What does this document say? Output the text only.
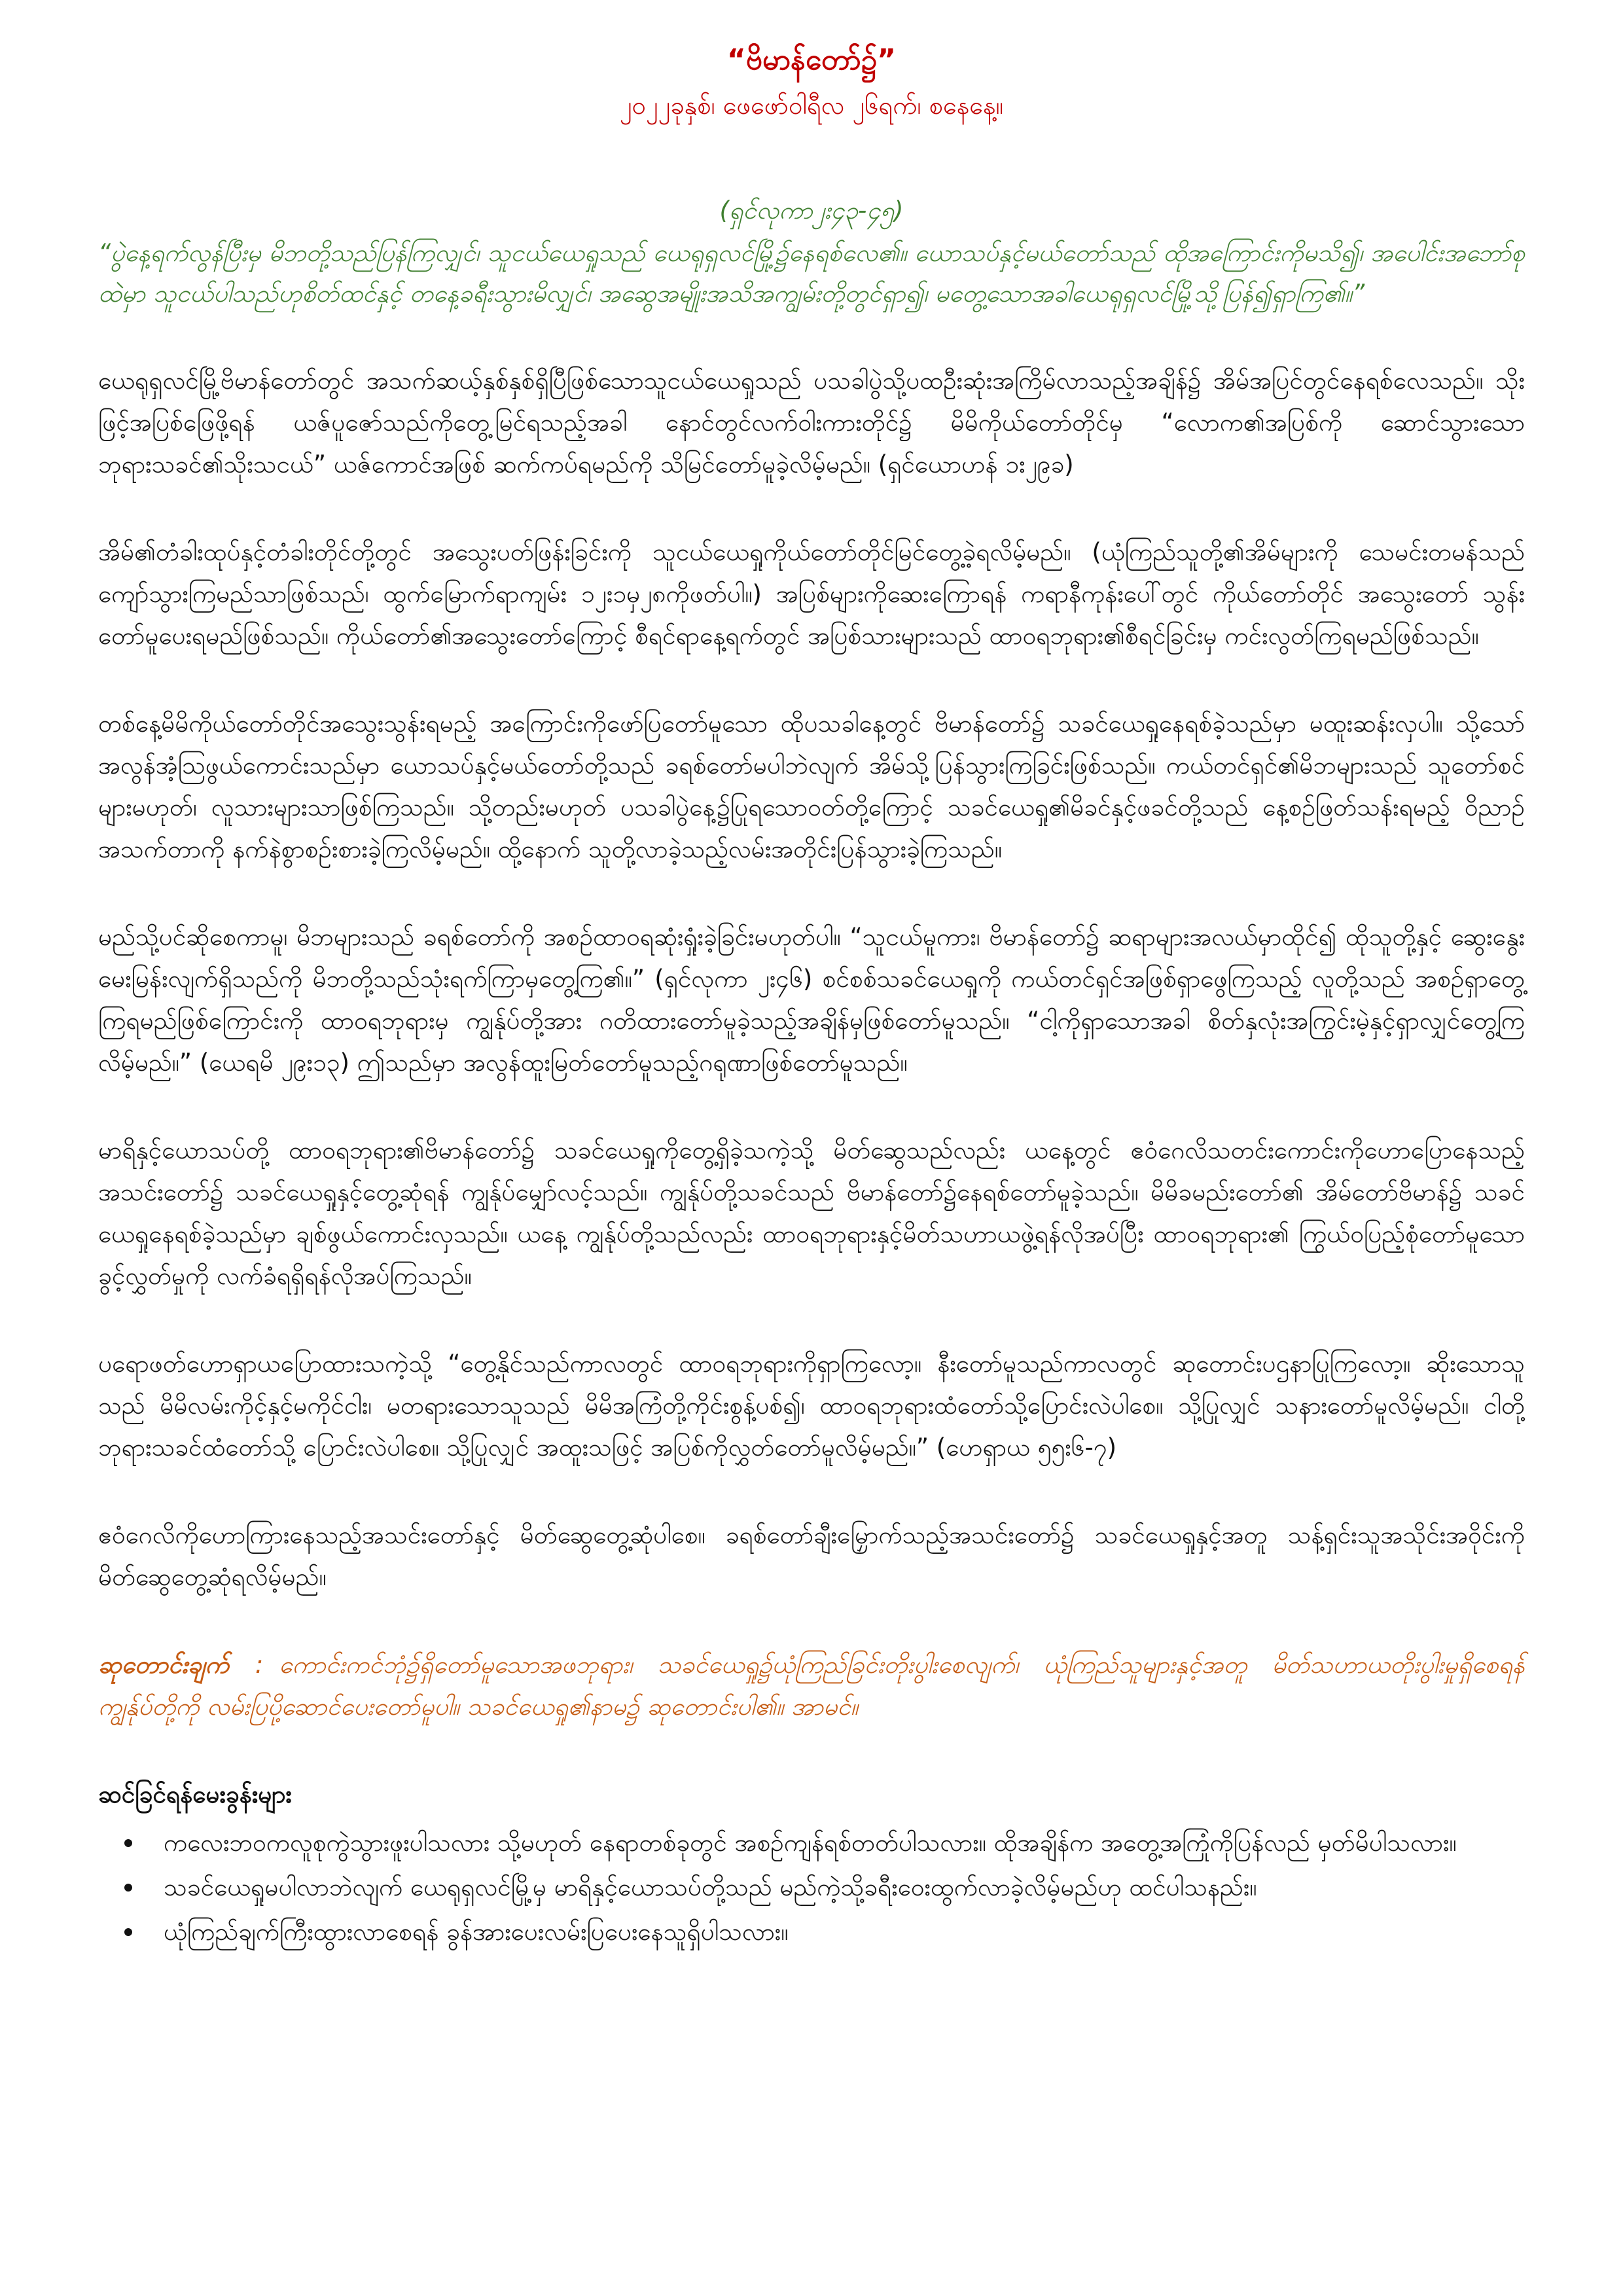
“ဗိမာန်တော်၌”

၂၀၂၂ခုနှစ်၊ ဖေဖော်ဝါရီလ ၂၆ရက်၊ စနေနေ့။

(ရှင်လုကာ၂း၄၃-၄၅)

“ပွဲနေ့ရက်လွန်ပြီးမှ မိဘတို့သည်ပြန်ကြလျှင်၊ သူငယ်ယေရှုသည် ယေရုရှလင်မြို့၌နေရစ်လေ၏။ ယောသပ်နှင့်မယ်တော်သည် ထိုအကြောင်းကိုမသိ၍၊ အပေါင်းအဘော်စုထဲမှာ သူငယ်ပါသည်ဟုစိတ်ထင်နှင့် တနေ့ခရီးသွားမိလျှင်၊ အဆွေအမျိုးအသိအကျွမ်းတို့တွင်ရှာ၍၊ မတွေ့သောအခါယေရုရှလင်မြို့သို့ပြန်၍ရှာကြ၏။”

ယေရုရှလင်မြို့ဗိမာန်တော်တွင် အသက်ဆယ့်နှစ်နှစ်ရှိပြီဖြစ်သောသူငယ်ယေရှုသည် ပသခါပွဲသို့ပထဦးဆုံးအကြိမ်လာသည့်အချိန်၌ အိမ်အပြင်တွင်နေရစ်လေသည်။ သိုးဖြင့်အပြစ်ဖြေဖို့ရန် ယဇ်ပူဇော်သည်ကိုတွေ့မြင်ရသည့်အခါ နောင်တွင်လက်ဝါးကားတိုင်၌ မိမိကိုယ်တော်တိုင်မှ “လောက၏အပြစ်ကို ဆောင်သွားသောဘုရားသခင်၏သိုးသငယ်” ယဇ်ကောင်အဖြစ် ဆက်ကပ်ရမည်ကို သိမြင်တော်မူခဲ့လိမ့်မည်။ (ရှင်ယောဟန် ၁း၂၉ခ)

အိမ်၏တံခါးထုပ်နှင့်တံခါးတိုင်တို့တွင် အသွေးပတ်ဖြန်းခြင်းကို သူငယ်ယေရှုကိုယ်တော်တိုင်မြင်တွေ့ခဲ့ရလိမ့်မည်။ (ယုံကြည်သူတို့၏အိမ်များကို သေမင်းတမန်သည် ကျော်သွားကြမည်သာဖြစ်သည်၊ ထွက်မြောက်ရာကျမ်း ၁၂း၁မှ၂၈ကိုဖတ်ပါ။) အပြစ်များကိုဆေးကြောရန် ကရာနီကုန်းပေါ်တွင် ကိုယ်တော်တိုင် အသွေးတော် သွန်းတော်မူပေးရမည်ဖြစ်သည်။ ကိုယ်တော်၏အသွေးတော်ကြောင့် စီရင်ရာနေ့ရက်တွင် အပြစ်သားများသည် ထာဝရဘုရား၏စီရင်ခြင်းမှ ကင်းလွတ်ကြရမည်ဖြစ်သည်။

တစ်နေ့မိမိကိုယ်တော်တိုင်အသွေးသွန်းရမည့် အကြောင်းကိုဖော်ပြတော်မူသော ထိုပသခါနေ့တွင် ဗိမာန်တော်၌ သခင်ယေရှုနေရစ်ခဲ့သည်မှာ မထူးဆန်းလှပါ။ သို့သော်အလွန်အံ့ဩဖွယ်ကောင်းသည်မှာ ယောသပ်နှင့်မယ်တော်တို့သည် ခရစ်တော်မပါဘဲလျက် အိမ်သို့ပြန်သွားကြခြင်းဖြစ်သည်။ ကယ်တင်ရှင်၏မိဘများသည် သူတော်စင်များမဟုတ်၊ လူသားများသာဖြစ်ကြသည်။ သို့တည်းမဟုတ် ပသခါပွဲနေ့၌ပြုရသောဝတ်တို့ကြောင့် သခင်ယေရှု၏မိခင်နှင့်ဖခင်တို့သည် နေ့စဉ်ဖြတ်သန်းရမည့် ဝိညာဉ်အသက်တာကို နက်နဲစွာစဉ်းစားခဲ့ကြလိမ့်မည်။ ထို့နောက် သူတို့လာခဲ့သည့်လမ်းအတိုင်းပြန်သွားခဲ့ကြသည်။

မည်သို့ပင်ဆိုစေကာမူ၊ မိဘများသည် ခရစ်တော်ကို အစဉ်ထာဝရဆုံးရှုံးခဲ့ခြင်းမဟုတ်ပါ။ “သူငယ်မူကား၊ ဗိမာန်တော်၌ ဆရာများအလယ်မှာထိုင်၍ ထိုသူတို့နှင့် ဆွေးနွေးမေးမြန်းလျက်ရှိသည်ကို မိဘတို့သည်သုံးရက်ကြာမှတွေ့ကြ၏။” (ရှင်လုကာ ၂း၄၆) စင်စစ်သခင်ယေရှုကို ကယ်တင်ရှင်အဖြစ်ရှာဖွေကြသည့် လူတို့သည် အစဉ်ရှာတွေ့ကြရမည်ဖြစ်ကြောင်းကို ထာဝရဘုရားမှ ကျွန်ုပ်တို့အား ဂတိထားတော်မူခဲ့သည့်အချိန်မှဖြစ်တော်မူသည်။ “ငါ့ကိုရှာသောအခါ စိတ်နှလုံးအကြွင်းမဲ့နှင့်ရှာလျှင်တွေ့ကြလိမ့်မည်။” (ယေရမိ ၂၉း၁၃) ဤသည်မှာ အလွန်ထူးမြတ်တော်မူသည့်ဂရုဏာဖြစ်တော်မူသည်။

မာရိနှင့်ယောသပ်တို့ ထာဝရဘုရား၏ဗိမာန်တော်၌ သခင်ယေရှုကိုတွေ့ရှိခဲ့သကဲ့သို့ မိတ်ဆွေသည်လည်း ယနေ့တွင် ဧဝံဂေလိသတင်းကောင်းကိုဟောပြောနေသည့်အသင်းတော်၌ သခင်ယေရှုနှင့်တွေ့ဆုံရန် ကျွန်ုပ်မျှော်လင့်သည်။ ကျွန်ုပ်တို့သခင်သည် ဗိမာန်တော်၌နေရစ်တော်မူခဲ့သည်။ မိမိခမည်းတော်၏ အိမ်တော်ဗိမာန်၌ သခင်ယေရှုနေရစ်ခဲ့သည်မှာ ချစ်ဖွယ်ကောင်းလှသည်။ ယနေ့ ကျွန်ုပ်တို့သည်လည်း ထာဝရဘုရားနှင့်မိတ်သဟာယဖွဲ့ရန်လိုအပ်ပြီး ထာဝရဘုရား၏ ကြွယ်ဝပြည့်စုံတော်မူသောခွင့်လွှတ်မှုကို လက်ခံရရှိရန်လိုအပ်ကြသည်။

ပရောဖတ်ဟောရှာယပြောထားသကဲ့သို့ “တွေ့နိုင်သည်ကာလတွင် ထာဝရဘုရားကိုရှာကြလော့။ နီးတော်မူသည်ကာလတွင် ဆုတောင်းပဌနာပြုကြလော့။ ဆိုးသောသူသည် မိမိလမ်းကိုင့်နှင့်မကိုင်ငါး၊ မတရားသောသူသည် မိမိအကြံတို့ကိုင်းစွန့်ပစ်၍၊ ထာဝရဘုရားထံတော်သို့ပြောင်းလဲပါစေ။ သို့ပြုလျှင် သနားတော်မူလိမ့်မည်။ ငါတို့ဘုရားသခင်ထံတော်သို့ ပြောင်းလဲပါစေ။ သို့ပြုလျှင် အထူးသဖြင့် အပြစ်ကိုလွှတ်တော်မူလိမ့်မည်။” (ဟေရှာယ ၅၅း၆-၇)

ဧဝံဂေလိကိုဟောကြားနေသည့်အသင်းတော်နှင့် မိတ်ဆွေတွေ့ဆုံပါစေ။ ခရစ်တော်ချီးမြှောက်သည့်အသင်းတော်၌ သခင်ယေရှုနှင့်အတူ သန့်ရှင်းသူအသိုင်းအဝိုင်းကို မိတ်ဆွေတွေ့ဆုံရလိမ့်မည်။

ဆုတောင်းချက် : ကောင်းကင်ဘုံ၌ရှိတော်မူသောအဖဘုရား၊ သခင်ယေရှု၌ယုံကြည်ခြင်းတိုးပွါးစေလျက်၊ ယုံကြည်သူများနှင့်အတူ မိတ်သဟာယတိုးပွါးမှုရှိစေရန် ကျွန်ုပ်တို့ကို လမ်းပြပို့ဆောင်ပေးတော်မူပါ။ သခင်ယေရှု၏နာမ၌ ဆုတောင်းပါ၏။ အာမင်။

ဆင်ခြင်ရန်မေးခွန်းများ
ကလေးဘဝကလူစုကွဲသွားဖူးပါသလား သို့မဟုတ် နေရာတစ်ခုတွင် အစဉ်ကျန်ရစ်တတ်ပါသလား။ ထိုအချိန်က အတွေ့အကြုံကိုပြန်လည် မှတ်မိပါသလား။
သခင်ယေရှုမပါလာဘဲလျက် ယေရုရှလင်မြို့မှ မာရိနှင့်ယောသပ်တို့သည် မည်ကဲ့သို့ခရီးဝေးထွက်လာခဲ့လိမ့်မည်ဟု ထင်ပါသနည်း။
ယုံကြည်ချက်ကြီးထွားလာစေရန် ခွန်အားပေးလမ်းပြပေးနေသူရှိပါသလား။
